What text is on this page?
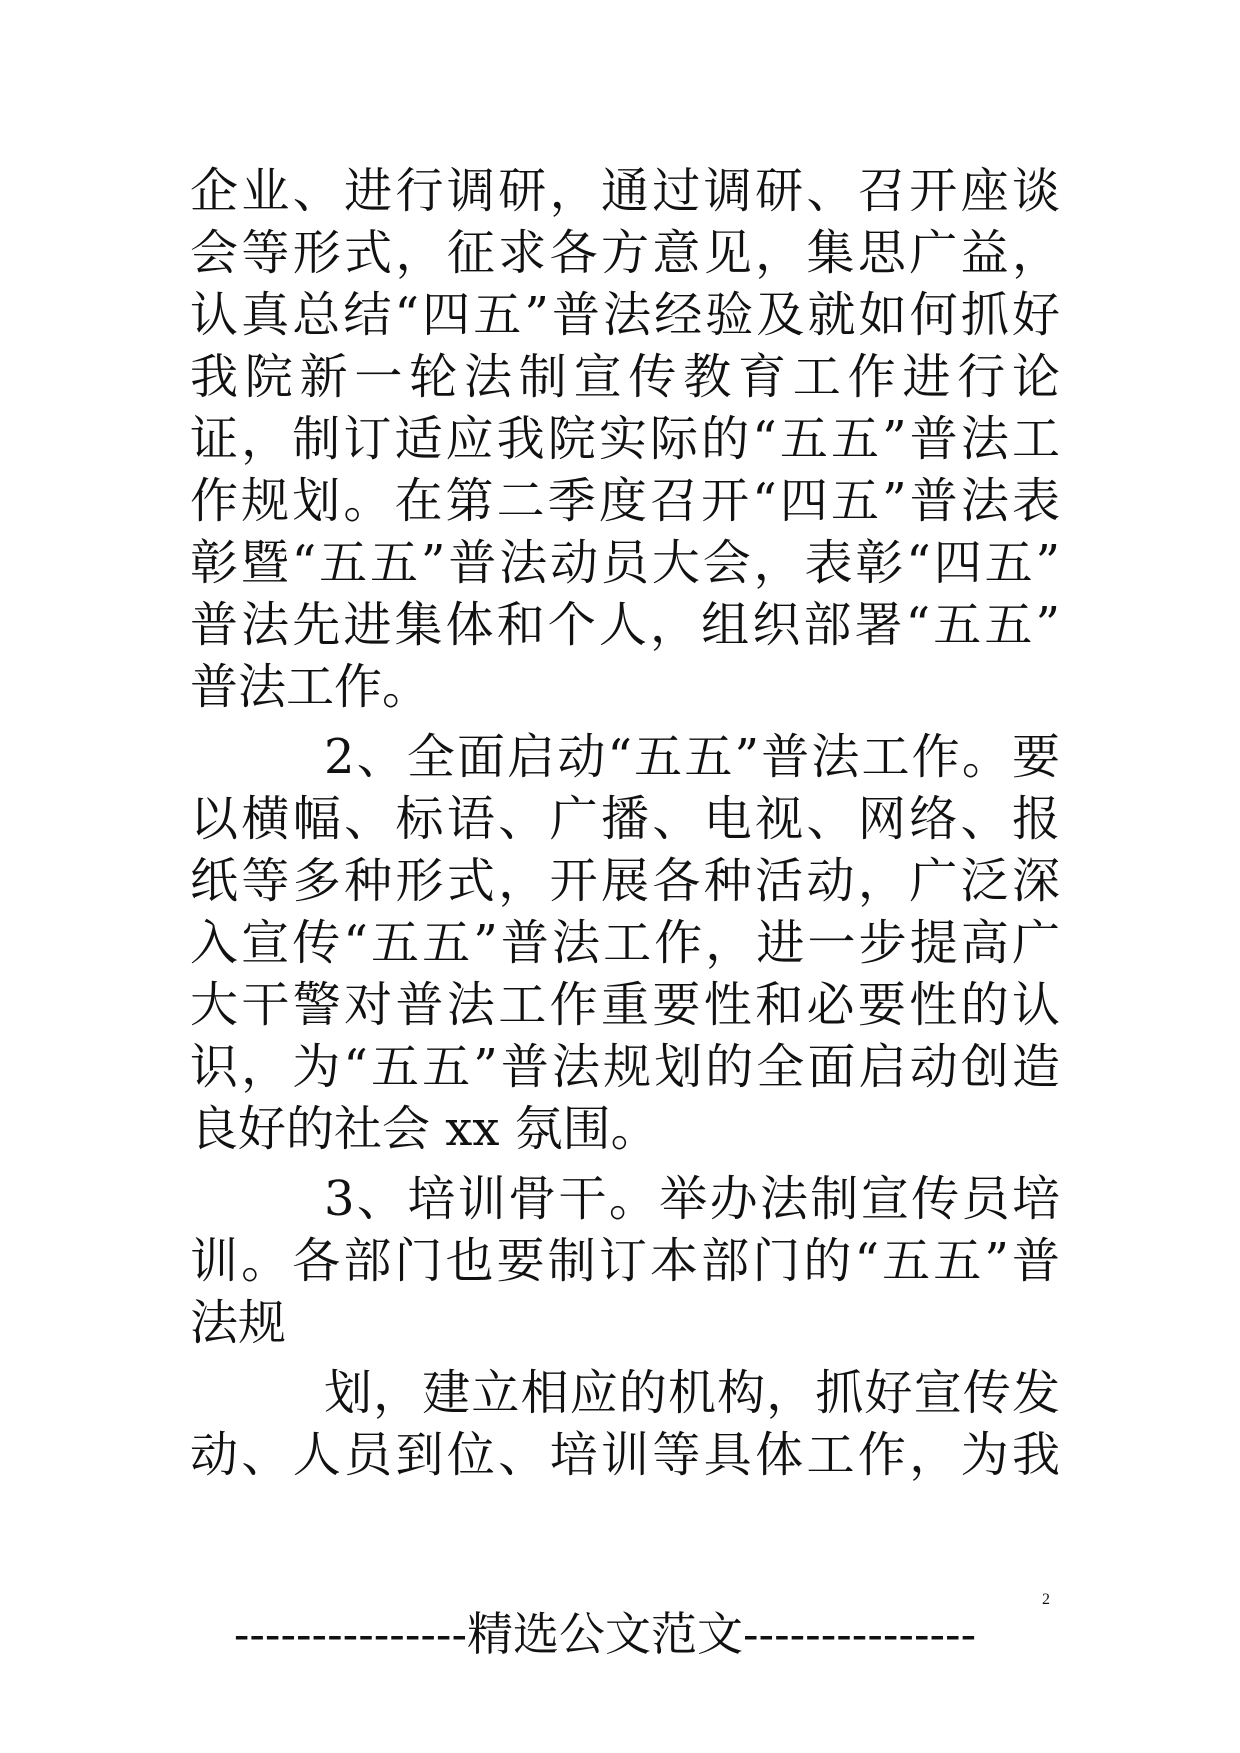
企业、进行调研，通过调研、召开座谈
会等形式，征求各方意见，集思广益，
认真总结“四五”普法经验及就如何抓好
我院新一轮法制宣传教育工作进行论
证，制订适应我院实际的“五五”普法工
作规划。在第二季度召开“四五”普法表
彰暨“五五”普法动员大会，表彰“四五”
普法先进集体和个人，组织部署“五五”
普法工作。
2、全面启动“五五”普法工作。要
以横幅、标语、广播、电视、网络、报
纸等多种形式，开展各种活动，广泛深
入宣传“五五”普法工作，进一步提高广
大干警对普法工作重要性和必要性的认
识，为“五五”普法规划的全面启动创造
良好的社会 xx 氛围。
3、培训骨干。举办法制宣传员培
训。各部门也要制订本部门的“五五”普
法规
划，建立相应的机构，抓好宣传发
动、人员到位、培训等具体工作，为我
---------------精选公文范文---------------
2
